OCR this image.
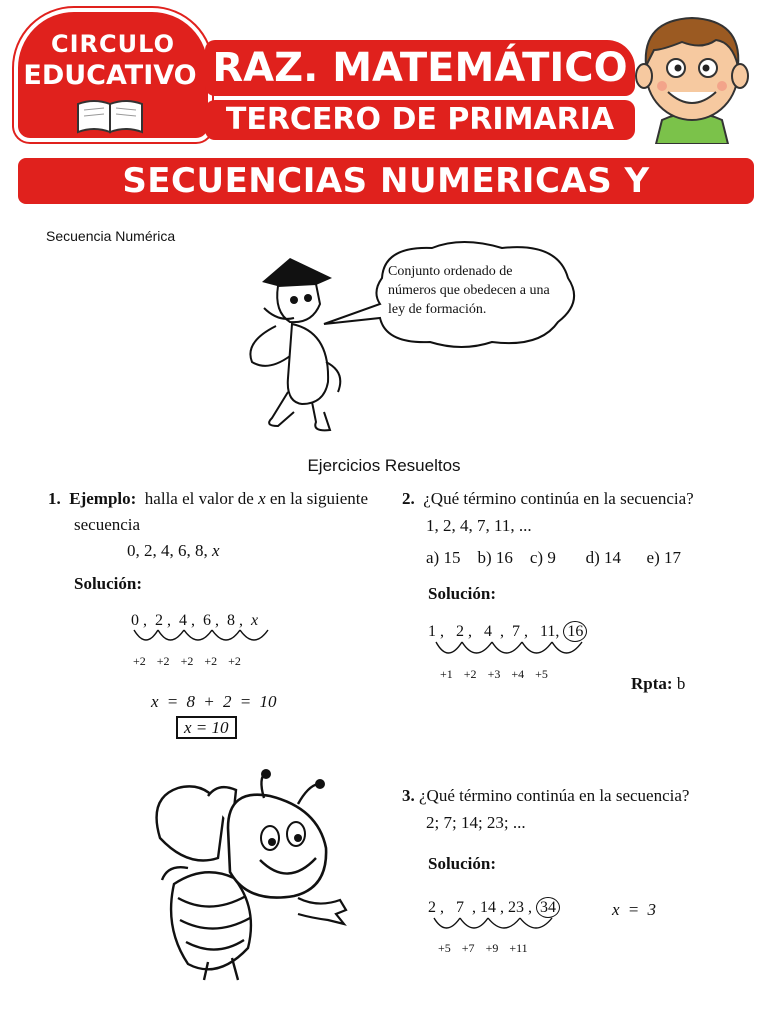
CIRCULO
EDUCATIVO RAZ. MATEMÁTICO
TERCERO DE PRIMARIA
SECUENCIAS NUMERICAS Y LITERALES
Secuencia Numérica
Conjunto ordenado de números que obedecen a una ley de formación.
Ejercicios Resueltos
1. Ejemplo: halla el valor de x en la siguiente
secuencia
0, 2, 4, 6, 8, x
Solución:
0 ,  2 ,  4 ,  6 ,  8 ,  x
+2 +2 +2 +2 +2
x = 8 + 2 = 10
x = 10
2. ¿Qué término continúa en la secuencia?
1, 2, 4, 7, 11, ...
a) 15 b) 16 c) 9 d) 14 e) 17
Solución:
1 ,   2 ,   4  ,  7 ,   11, 16
+1 +2 +3 +4 +5	Rpta: b
3. ¿Qué término continúa en la secuencia?
2; 7; 14; 23; ...
Solución:
2 ,   7  , 14 , 23 , 34
+5 +7 +9 +11
x = 3
